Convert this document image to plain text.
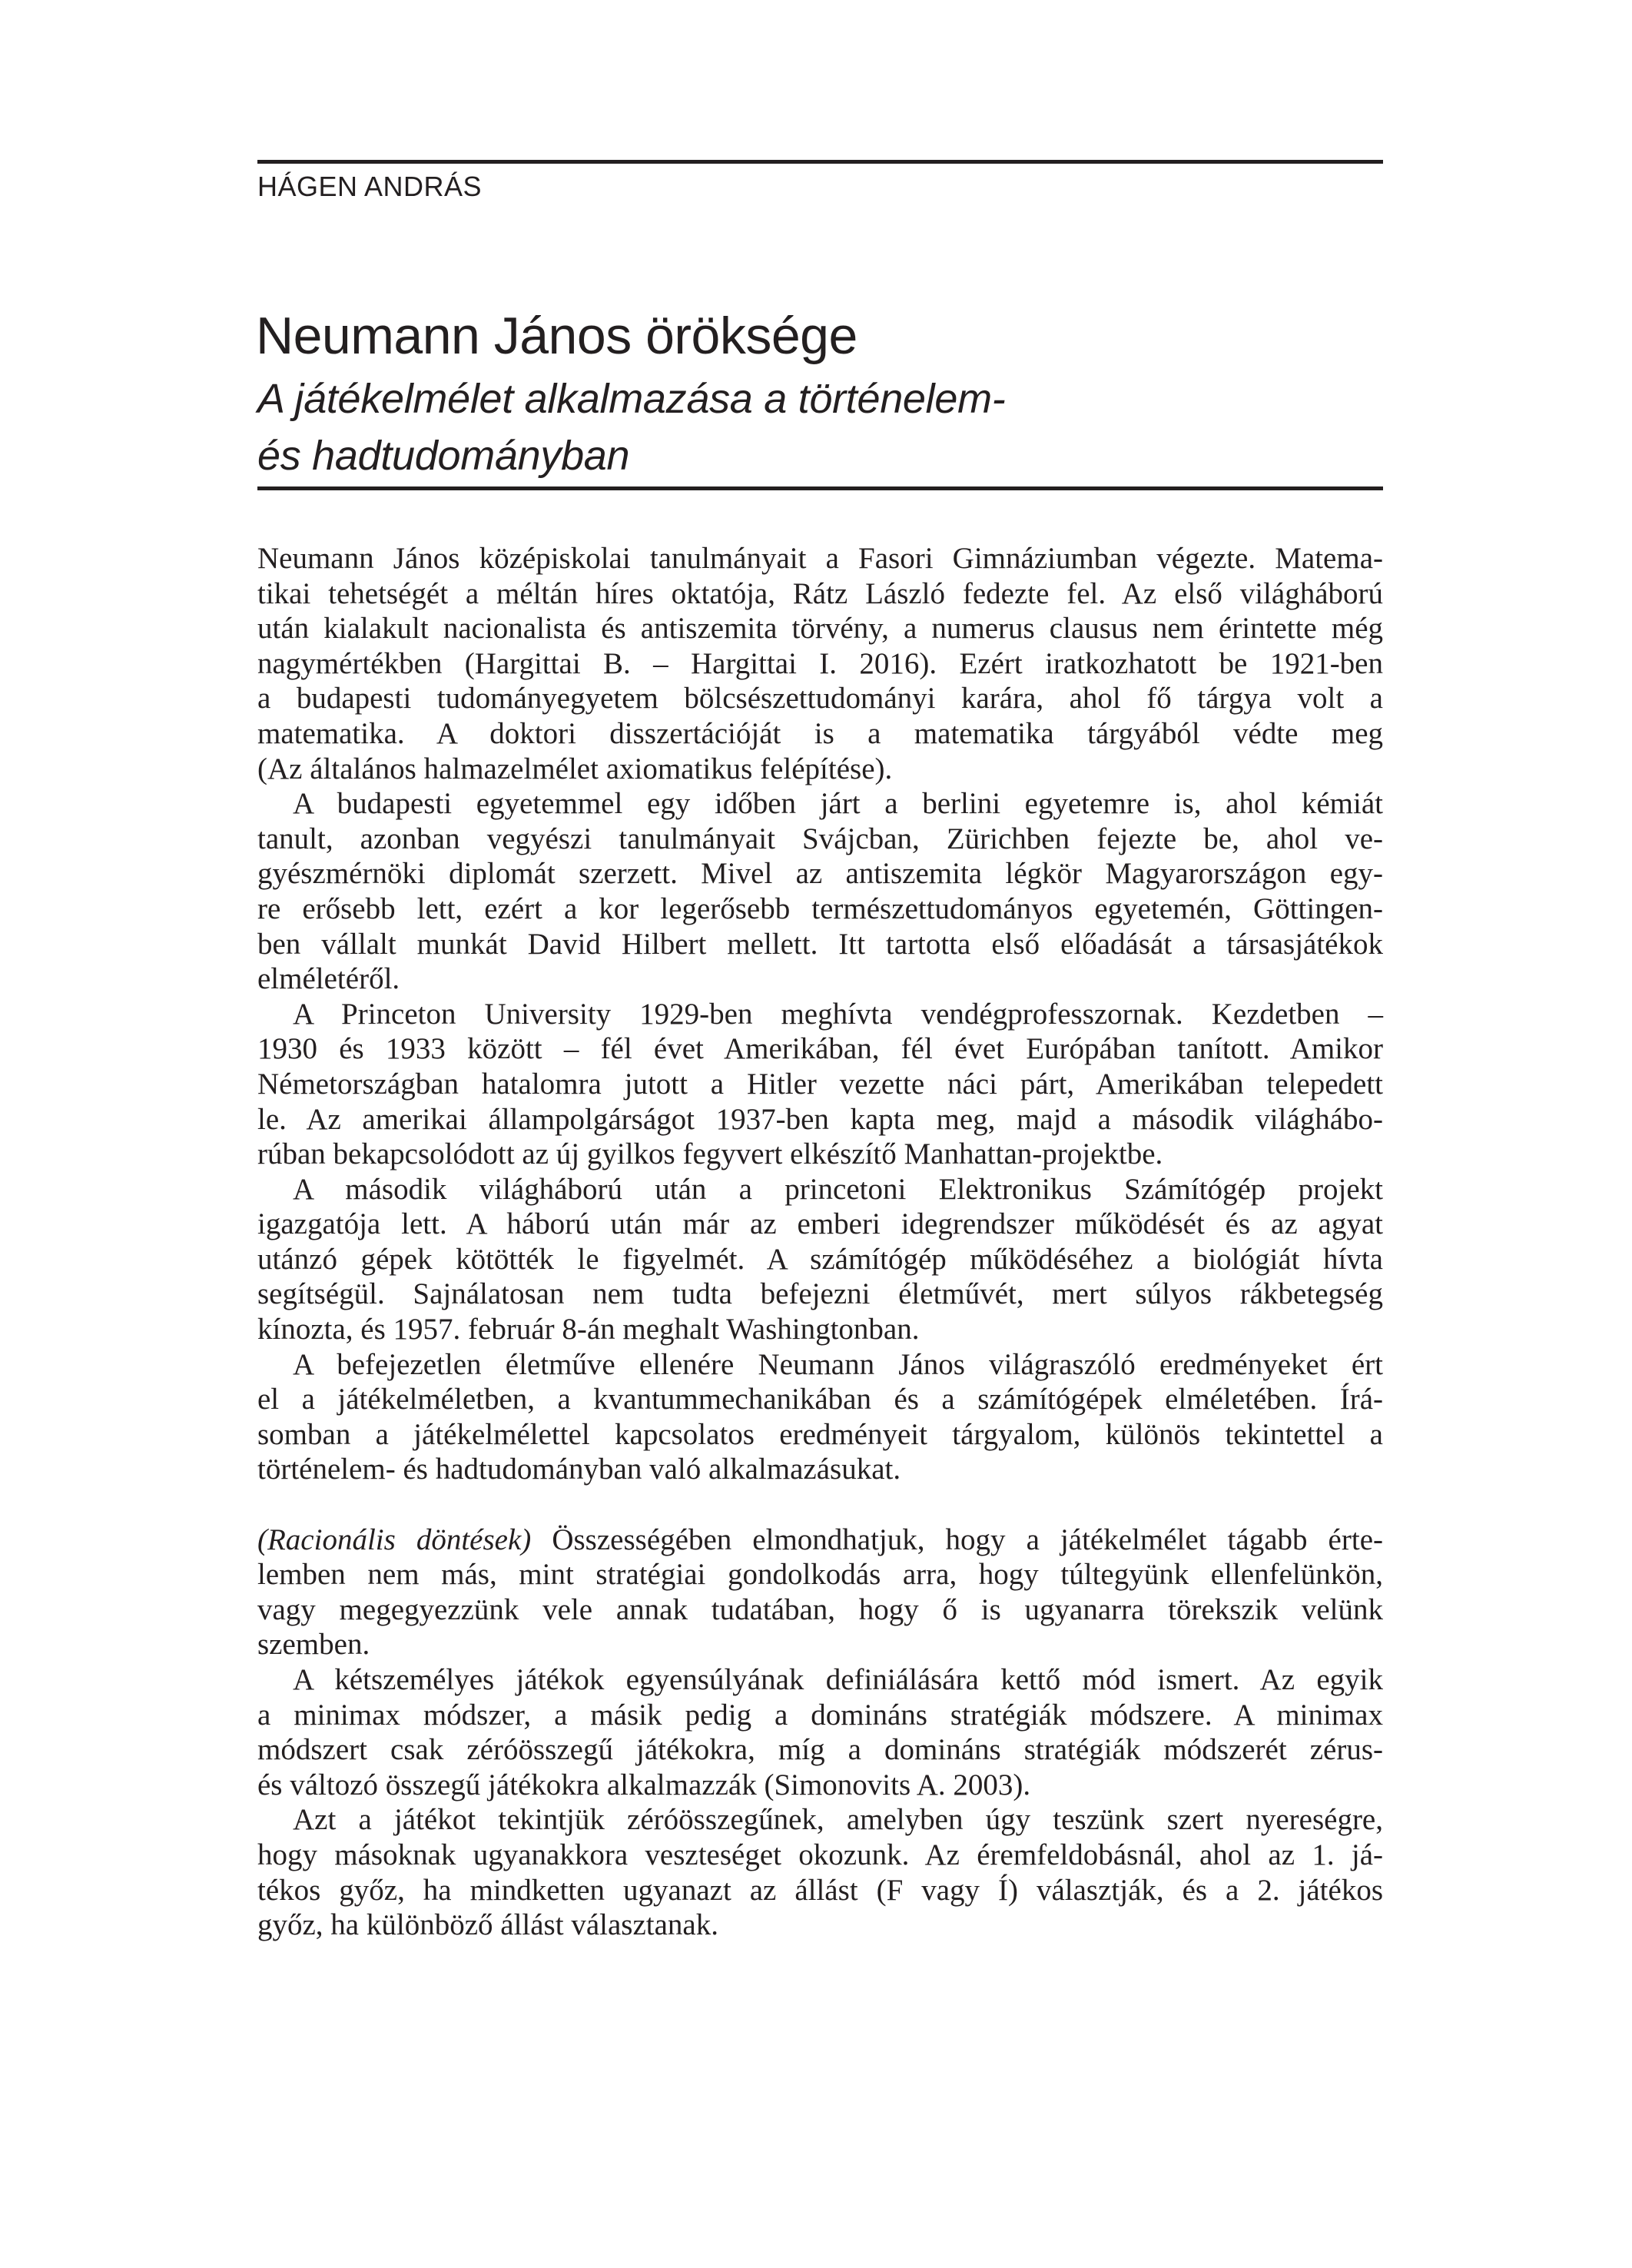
HÁGEN ANDRÁS
Neumann János öröksége
A játékelmélet alkalmazása a történelem-
és hadtudományban

Neumann János középiskolai tanulmányait a Fasori Gimnáziumban végezte. Matema-
tikai tehetségét a méltán híres oktatója, Rátz László fedezte fel. Az első világháború
után kialakult nacionalista és antiszemita törvény, a numerus clausus nem érintette még
nagymértékben (Hargittai B. – Hargittai I. 2016). Ezért iratkozhatott be 1921-ben
a budapesti tudományegyetem bölcsészettudományi karára, ahol fő tárgya volt a
matematika. A doktori disszertációját is a matematika tárgyából védte meg
(Az általános halmazelmélet axiomatikus felépítése).

A budapesti egyetemmel egy időben járt a berlini egyetemre is, ahol kémiát
tanult, azonban vegyészi tanulmányait Svájcban, Zürichben fejezte be, ahol ve-
gyészmérnöki diplomát szerzett. Mivel az antiszemita légkör Magyarországon egy-
re erősebb lett, ezért a kor legerősebb természettudományos egyetemén, Göttingen-
ben vállalt munkát David Hilbert mellett. Itt tartotta első előadását a társasjátékok
elméletéről.

A Princeton University 1929-ben meghívta vendégprofesszornak. Kezdetben –
1930 és 1933 között – fél évet Amerikában, fél évet Európában tanított. Amikor
Németországban hatalomra jutott a Hitler vezette náci párt, Amerikában telepedett
le. Az amerikai állampolgárságot 1937-ben kapta meg, majd a második világhábo-
rúban bekapcsolódott az új gyilkos fegyvert elkészítő Manhattan-projektbe.

A második világháború után a princetoni Elektronikus Számítógép projekt
igazgatója lett. A háború után már az emberi idegrendszer működését és az agyat
utánzó gépek kötötték le figyelmét. A számítógép működéséhez a biológiát hívta
segítségül. Sajnálatosan nem tudta befejezni életművét, mert súlyos rákbetegség
kínozta, és 1957. február 8-án meghalt Washingtonban.

A befejezetlen életműve ellenére Neumann János világraszóló eredményeket ért
el a játékelméletben, a kvantummechanikában és a számítógépek elméletében. Írá-
somban a játékelmélettel kapcsolatos eredményeit tárgyalom, különös tekintettel a
történelem- és hadtudományban való alkalmazásukat.

(Racionális döntések) Összességében elmondhatjuk, hogy a játékelmélet tágabb érte-
lemben nem más, mint stratégiai gondolkodás arra, hogy túltegyünk ellenfelünkön,
vagy megegyezzünk vele annak tudatában, hogy ő is ugyanarra törekszik velünk
szemben.

A kétszemélyes játékok egyensúlyának definiálására kettő mód ismert. Az egyik
a minimax módszer, a másik pedig a domináns stratégiák módszere. A minimax
módszert csak zéróösszegű játékokra, míg a domináns stratégiák módszerét zérus-
és változó összegű játékokra alkalmazzák (Simonovits A. 2003).

Azt a játékot tekintjük zéróösszegűnek, amelyben úgy teszünk szert nyereségre,
hogy másoknak ugyanakkora veszteséget okozunk. Az éremfeldobásnál, ahol az 1. já-
tékos győz, ha mindketten ugyanazt az állást (F vagy Í) választják, és a 2. játékos
győz, ha különböző állást választanak.
